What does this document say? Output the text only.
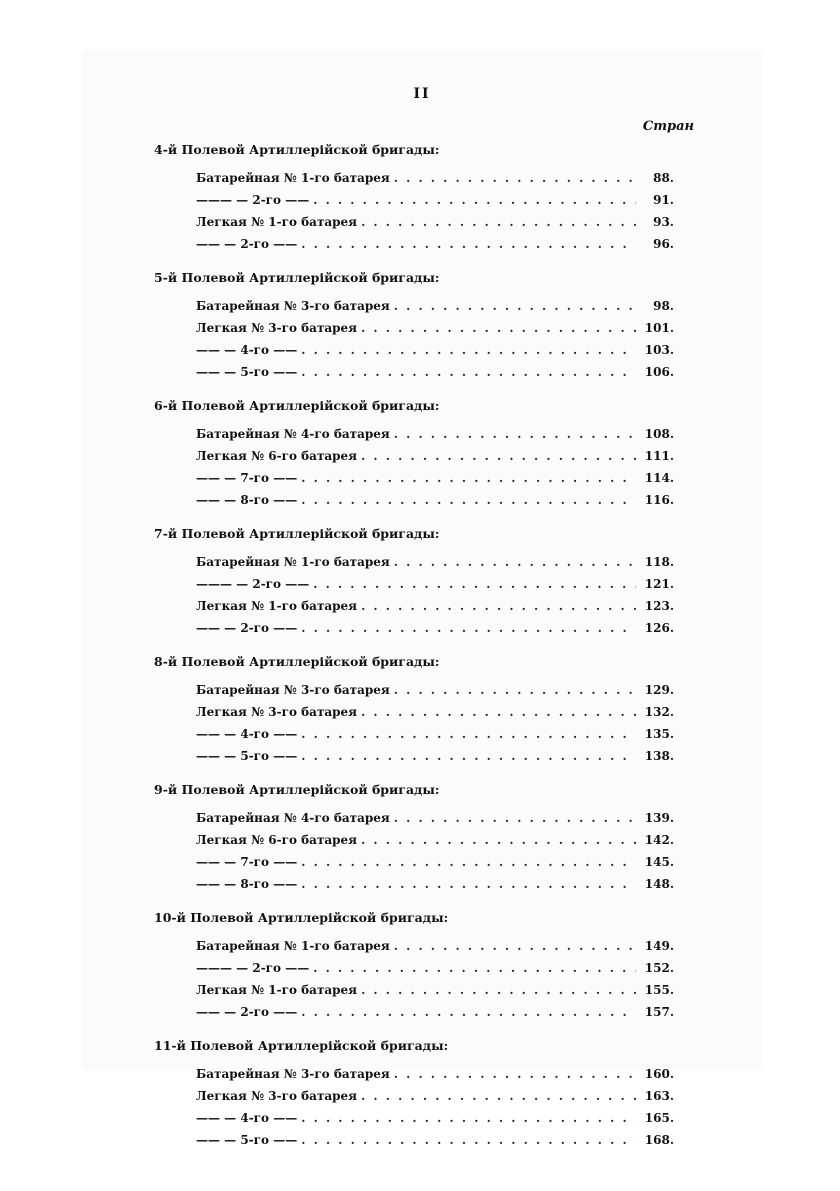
II
Стран
4-й Полевой Артиллерійской бригады:
Батарейная № 1-го батарея . . .	88.
——— — 2-го —— . . .	91.
Легкая № 1-го батарея . . .	93.
—— — 2-го —— . . .	96.
5-й Полевой Артиллерійской бригады:
Батарейная № 3-го батарея . . .	98.
Легкая № 3-го батарея . . .	101.
—— — 4-го —— . . .	103.
—— — 5-го —— . . .	106.
6-й Полевой Артиллерійской бригады:
Батарейная № 4-го батарея . . .	108.
Легкая № 6-го батарея . . .	111.
—— — 7-го —— . . .	114.
—— — 8-го —— . . .	116.
7-й Полевой Артиллерійской бригады:
Батарейная № 1-го батарея . . .	118.
——— — 2-го —— . . .	121.
Легкая № 1-го батарея . . .	123.
—— — 2-го —— . . .	126.
8-й Полевой Артиллерійской бригады:
Батарейная № 3-го батарея . . .	129.
Легкая № 3-го батарея . . .	132.
—— — 4-го —— . . .	135.
—— — 5-го —— . . .	138.
9-й Полевой Артиллерійской бригады:
Батарейная № 4-го батарея . . .	139.
Легкая № 6-го батарея . . .	142.
—— — 7-го —— . . .	145.
—— — 8-го —— . . .	148.
10-й Полевой Артиллерійской бригады:
Батарейная № 1-го батарея . . .	149.
——— — 2-го —— . . .	152.
Легкая № 1-го батарея . . .	155.
—— — 2-го —— . . .	157.
11-й Полевой Артиллерійской бригады:
Батарейная № 3-го батарея . . .	160.
Легкая № 3-го батарея . . .	163.
—— — 4-го —— . . .	165.
—— — 5-го —— . . .	168.
